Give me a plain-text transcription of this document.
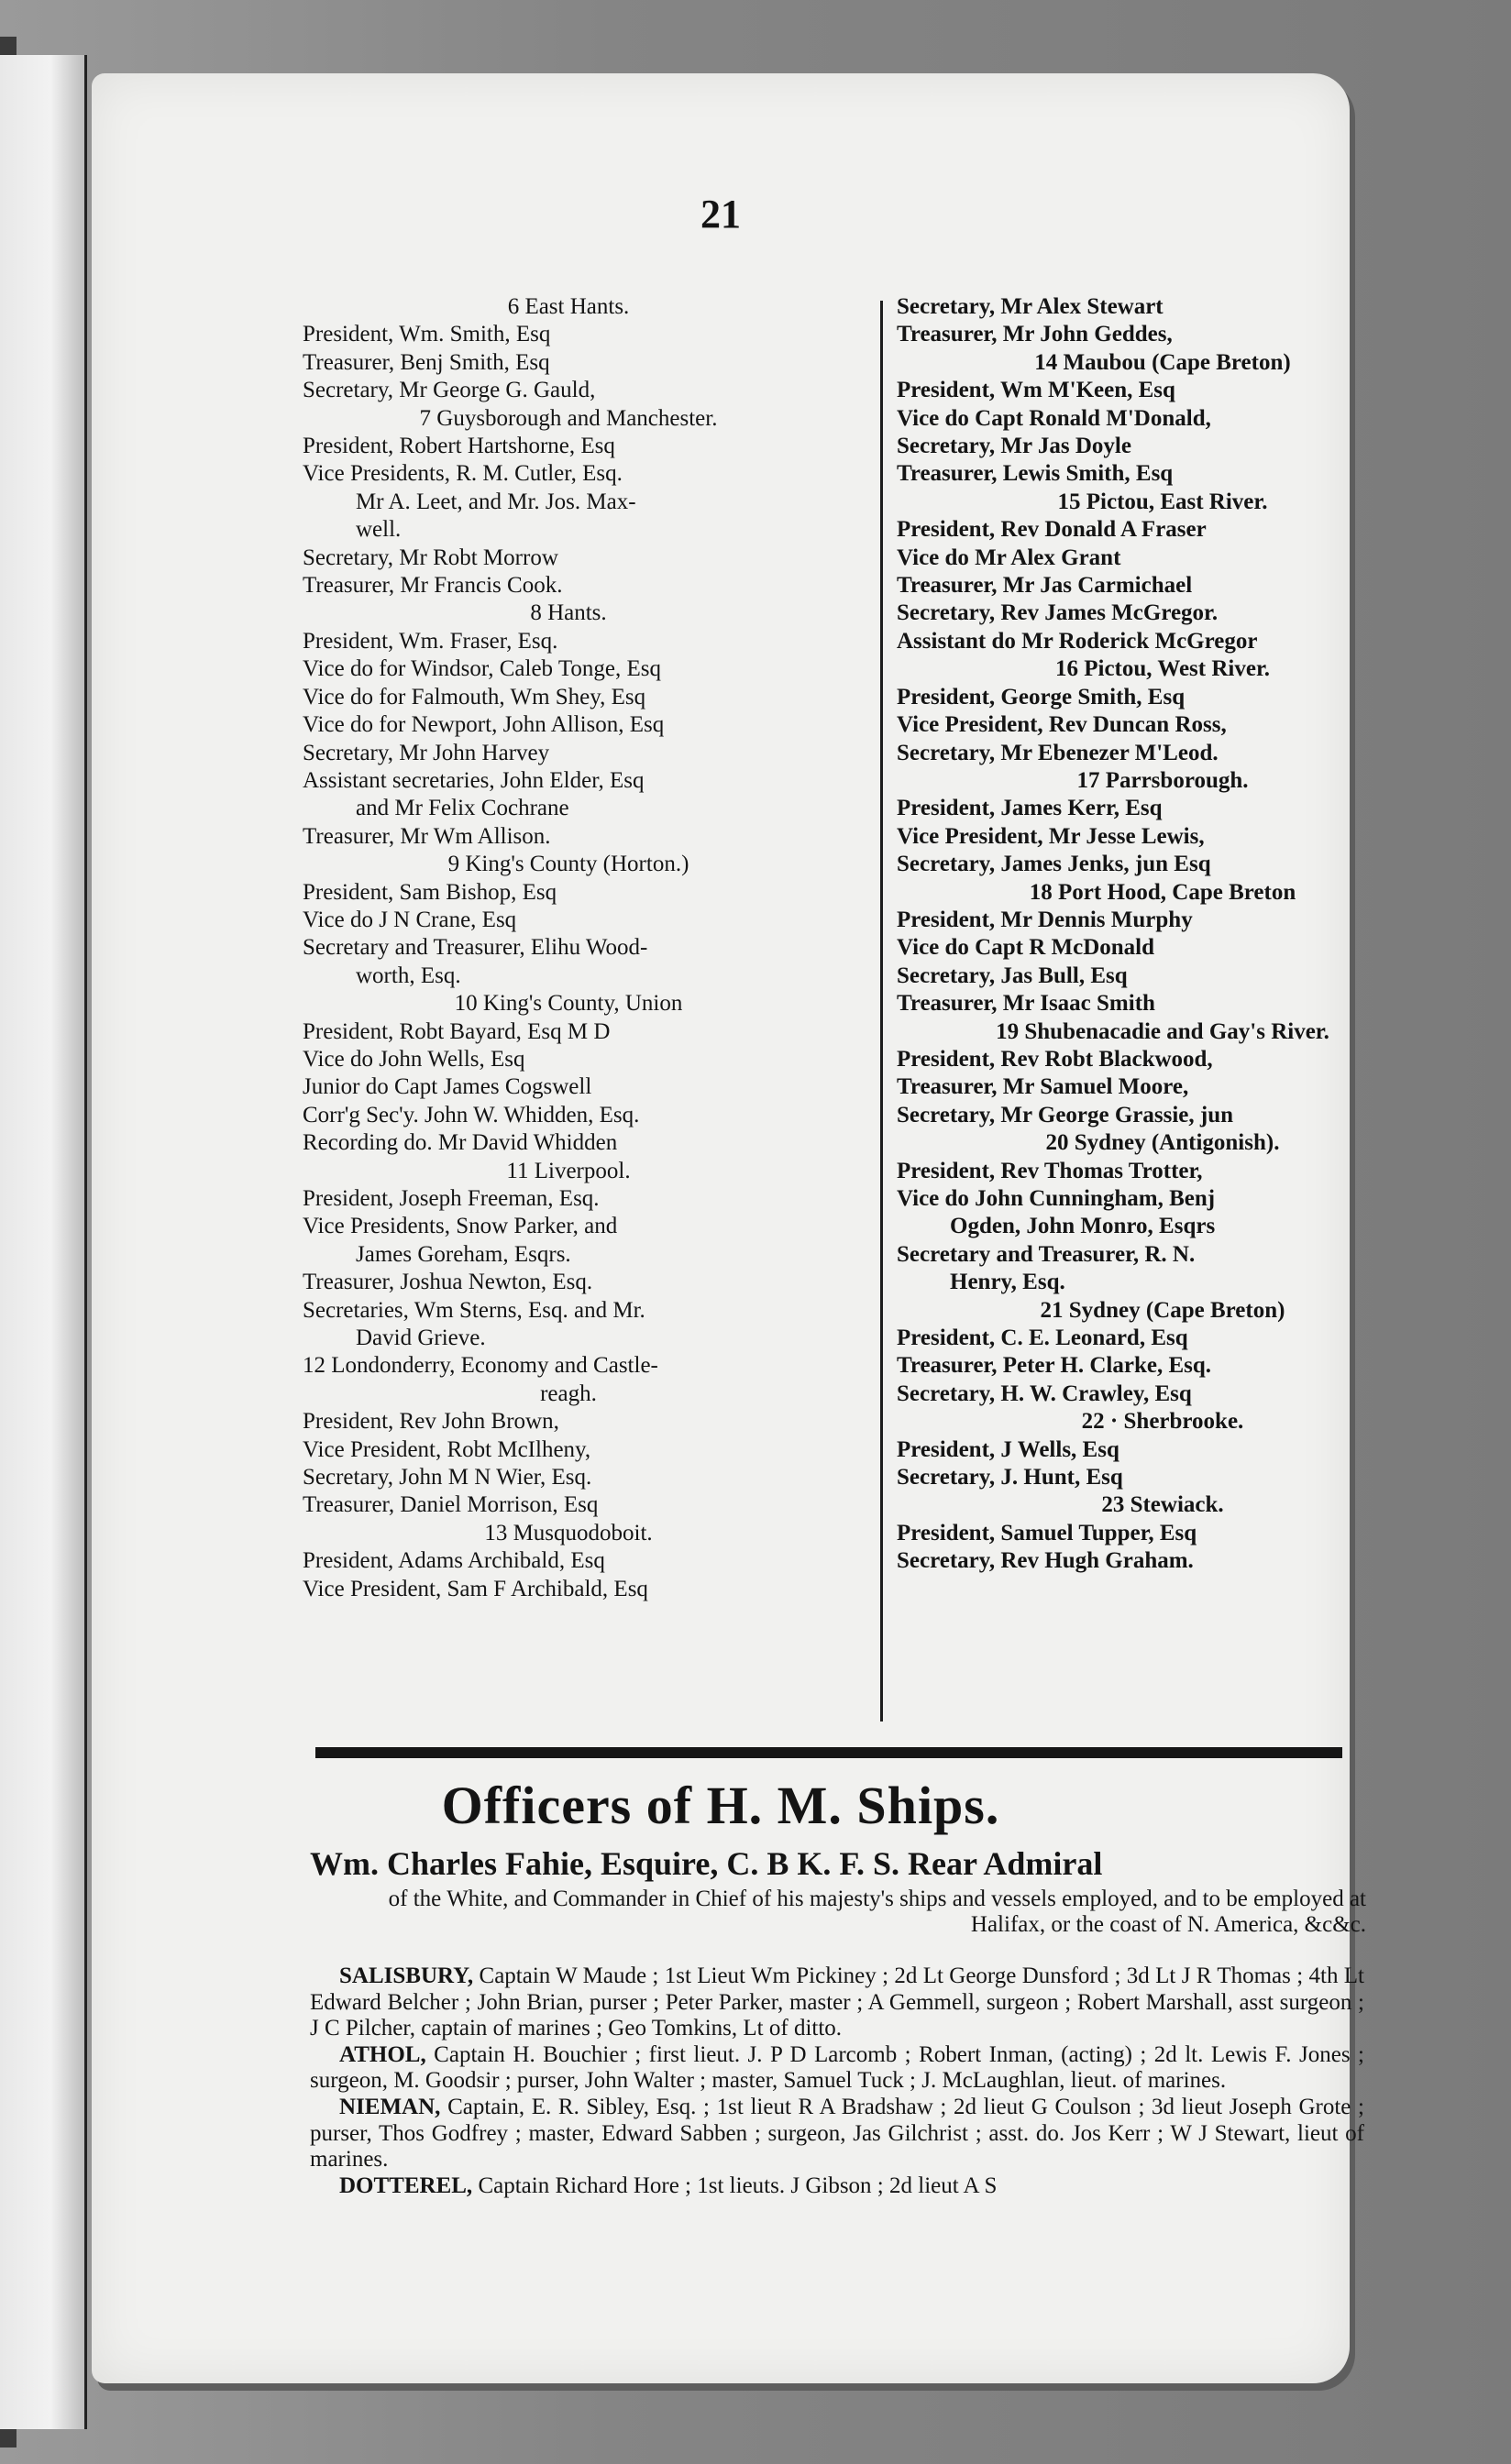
21
6 East Hants.
President, Wm. Smith, Esq
Treasurer, Benj Smith, Esq
Secretary, Mr George G. Gauld,
7 Guysborough and Manchester.
President, Robert Hartshorne, Esq
Vice Presidents, R. M. Cutler, Esq.
Mr A. Leet, and Mr. Jos. Max-
well.
Secretary, Mr Robt Morrow
Treasurer, Mr Francis Cook.
8 Hants.
President, Wm. Fraser, Esq.
Vice do for Windsor, Caleb Tonge, Esq
Vice do for Falmouth, Wm Shey, Esq
Vice do for Newport, John Allison, Esq
Secretary, Mr John Harvey
Assistant secretaries, John Elder, Esq
and Mr Felix Cochrane
Treasurer, Mr Wm Allison.
9 King's County (Horton.)
President, Sam Bishop, Esq
Vice do J N Crane, Esq
Secretary and Treasurer, Elihu Wood-
worth, Esq.
10 King's County, Union
President, Robt Bayard, Esq M D
Vice do John Wells, Esq
Junior do Capt James Cogswell
Corr'g Sec'y. John W. Whidden, Esq.
Recording do. Mr David Whidden
11 Liverpool.
President, Joseph Freeman, Esq.
Vice Presidents, Snow Parker, and
James Goreham, Esqrs.
Treasurer, Joshua Newton, Esq.
Secretaries, Wm Sterns, Esq. and Mr.
David Grieve.
12 Londonderry, Economy and Castle-
reagh.
President, Rev John Brown,
Vice President, Robt McIlheny,
Secretary, John M N Wier, Esq.
Treasurer, Daniel Morrison, Esq
13 Musquodoboit.
President, Adams Archibald, Esq
Vice President, Sam F Archibald, Esq
Secretary, Mr Alex Stewart
Treasurer, Mr John Geddes,
14 Maubou (Cape Breton)
President, Wm M'Keen, Esq
Vice do Capt Ronald M'Donald,
Secretary, Mr Jas Doyle
Treasurer, Lewis Smith, Esq
15 Pictou, East River.
President, Rev Donald A Fraser
Vice do Mr Alex Grant
Treasurer, Mr Jas Carmichael
Secretary, Rev James McGregor.
Assistant do Mr Roderick McGregor
16 Pictou, West River.
President, George Smith, Esq
Vice President, Rev Duncan Ross,
Secretary, Mr Ebenezer M'Leod.
17 Parrsborough.
President, James Kerr, Esq
Vice President, Mr Jesse Lewis,
Secretary, James Jenks, jun Esq
18 Port Hood, Cape Breton
President, Mr Dennis Murphy
Vice do Capt R McDonald
Secretary, Jas Bull, Esq
Treasurer, Mr Isaac Smith
19 Shubenacadie and Gay's River.
President, Rev Robt Blackwood,
Treasurer, Mr Samuel Moore,
Secretary, Mr George Grassie, jun
20 Sydney (Antigonish).
President, Rev Thomas Trotter,
Vice do John Cunningham, Benj
Ogden, John Monro, Esqrs
Secretary and Treasurer, R. N.
Henry, Esq.
21 Sydney (Cape Breton)
President, C. E. Leonard, Esq
Treasurer, Peter H. Clarke, Esq.
Secretary, H. W. Crawley, Esq
22 · Sherbrooke.
President, J Wells, Esq
Secretary, J. Hunt, Esq
23 Stewiack.
President, Samuel Tupper, Esq
Secretary, Rev Hugh Graham.
Officers of H. M. Ships.
Wm. Charles Fahie, Esquire, C. B K. F. S. Rear Admiral
of the White, and Commander in Chief of his majesty's ships and vessels employed, and to be employed at Halifax, or the coast of N. America, &c&c.

SALISBURY, Captain W Maude ; 1st Lieut Wm Pickiney ; 2d Lt George Dunsford ; 3d Lt J R Thomas ; 4th Lt Edward Belcher ; John Brian, purser ; Peter Parker, master ; A Gemmell, surgeon ; Robert Marshall, asst surgeon ; J C Pilcher, captain of marines ; Geo Tomkins, Lt of ditto.

ATHOL, Captain H. Bouchier ; first lieut. J. P D Larcomb ; Robert Inman, (acting) ; 2d lt. Lewis F. Jones ; surgeon, M. Goodsir ; purser, John Walter ; master, Samuel Tuck ; J. McLaughlan, lieut. of marines.

NIEMAN, Captain, E. R. Sibley, Esq. ; 1st lieut R A Bradshaw ; 2d lieut G Coulson ; 3d lieut Joseph Grote ; purser, Thos Godfrey ; master, Edward Sabben ; surgeon, Jas Gilchrist ; asst. do. Jos Kerr ; W J Stewart, lieut of marines.

DOTTEREL, Captain Richard Hore ; 1st lieuts. J Gibson ; 2d lieut A S
